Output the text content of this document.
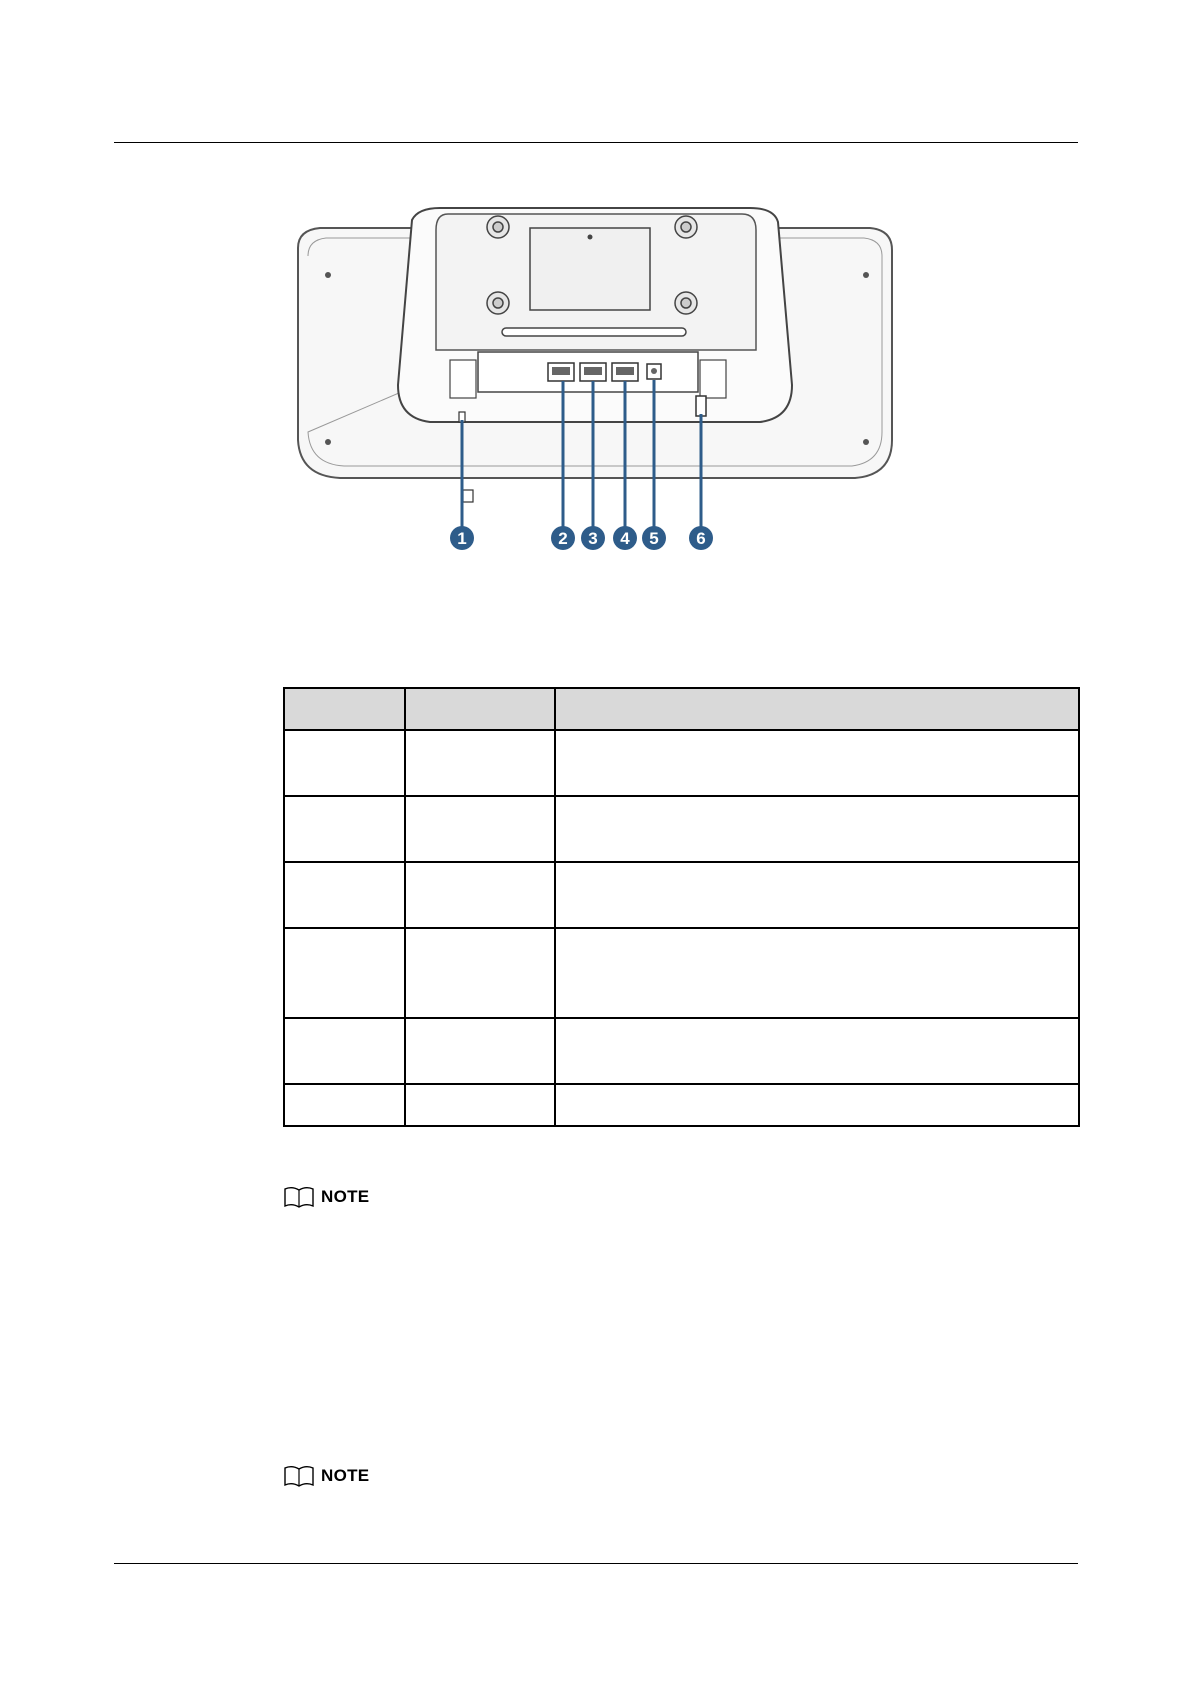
1	2 3 4 5 6

NOTE
NOTE
